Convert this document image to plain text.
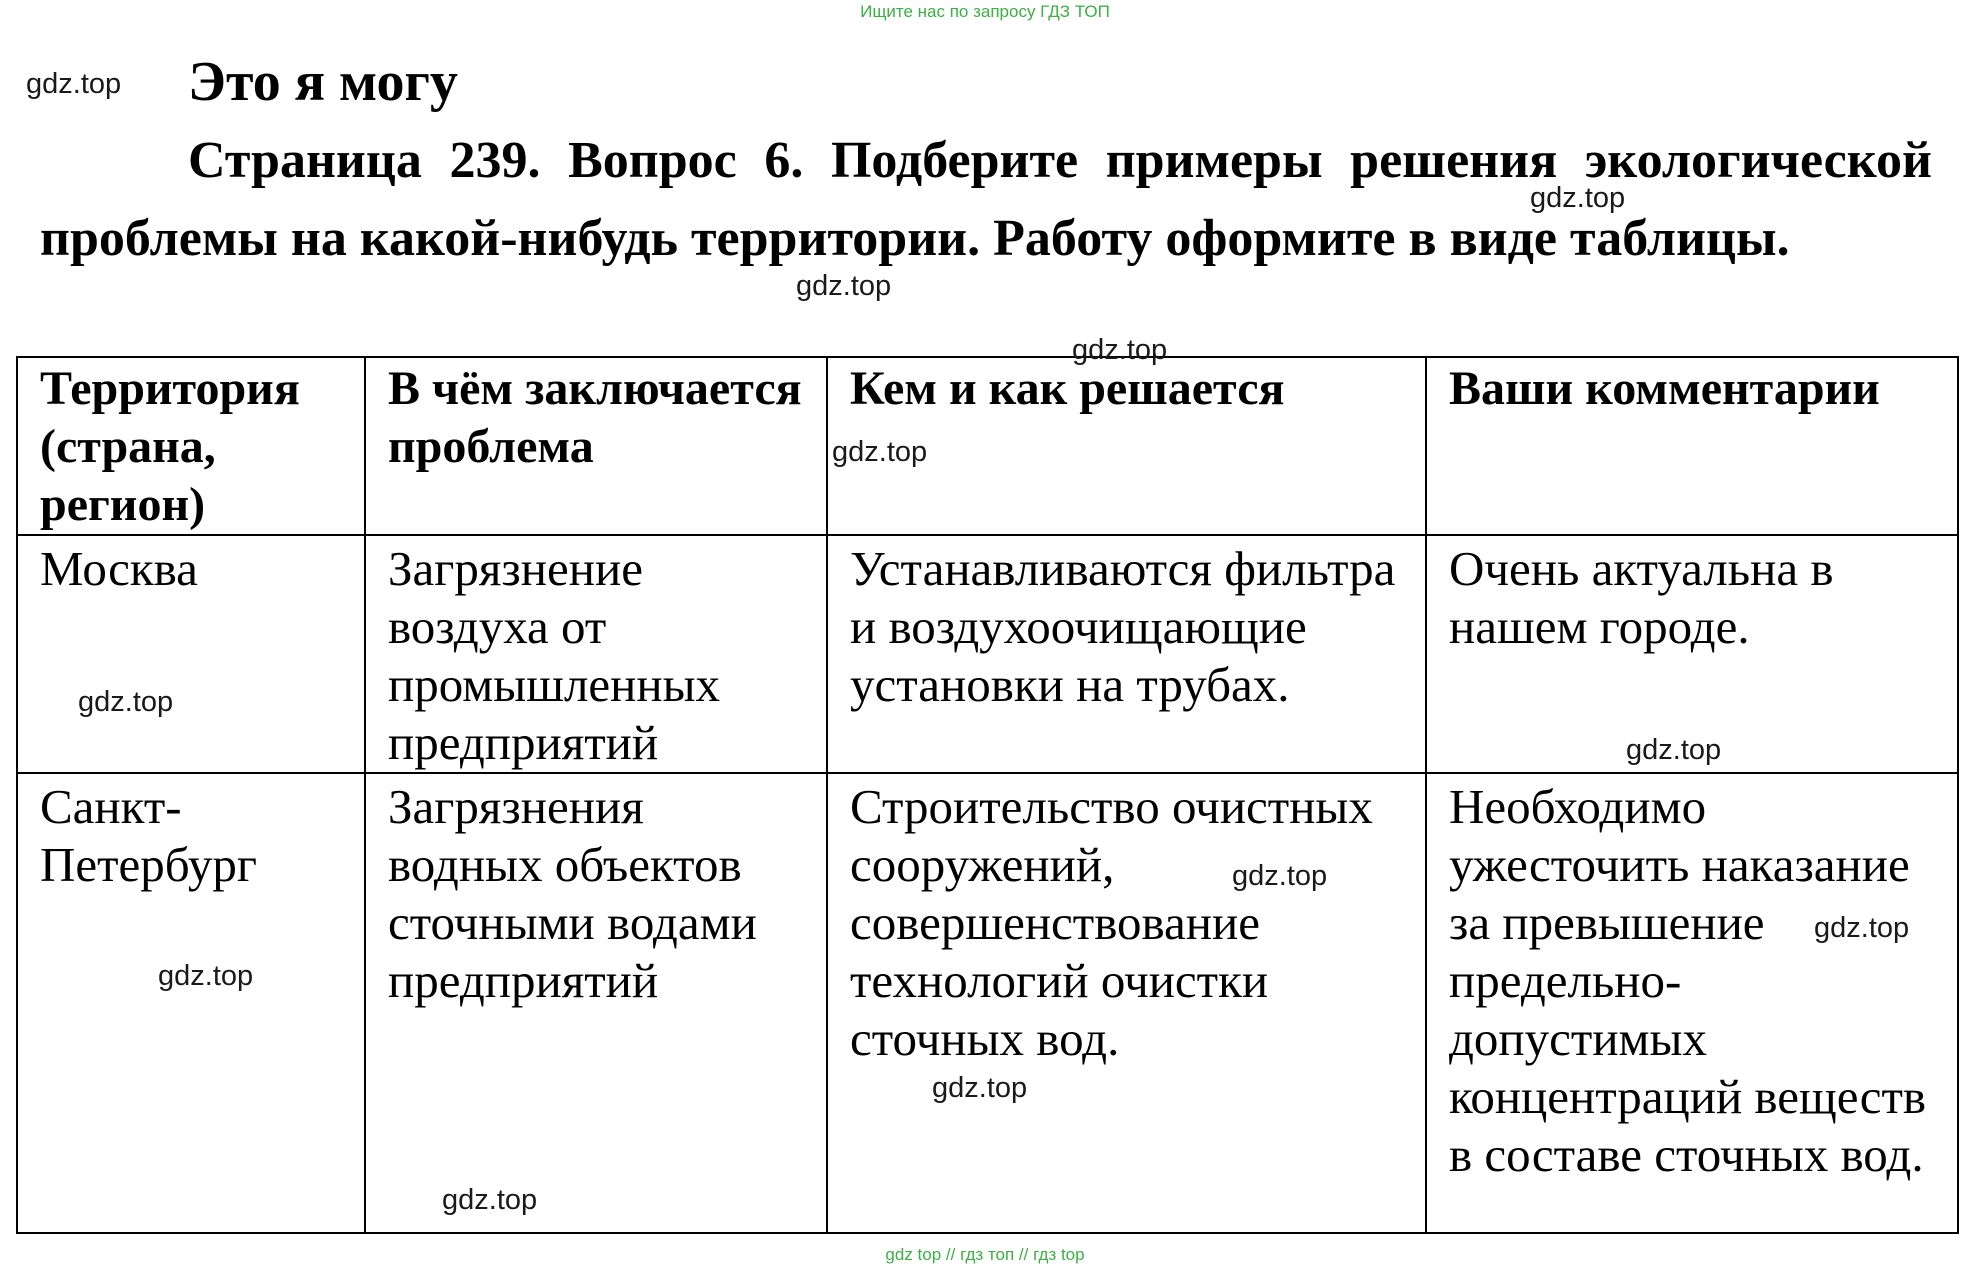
Ищите нас по запросу ГДЗ ТОП
Это я могу
Страница 239. Вопрос 6. Подберите примеры решения экологической проблемы на какой-нибудь территории. Работу оформите в виде таблицы.
Территория (страна, регион)	В чём заключается проблема	Кем и как решается	Ваши комментарии
Москва	Загрязнение воздуха от промышленных предприятий	Устанавливаются фильтра и воздухоочищающие установки на трубах.	Очень актуальна в нашем городе.
Санкт-Петербург	Загрязнения водных объектов сточными водами предприятий	Строительство очистных сооружений, совершенствование технологий очистки сточных вод.	Необходимо ужесточить наказание за превышение предельно-допустимых концентраций веществ в составе сточных вод.
gdz.top
gdz.top
gdz.top
gdz.top
gdz.top
gdz.top
gdz.top
gdz.top
gdz.top
gdz.top
gdz.top
gdz.top
gdz top // гдз топ // гдз top
